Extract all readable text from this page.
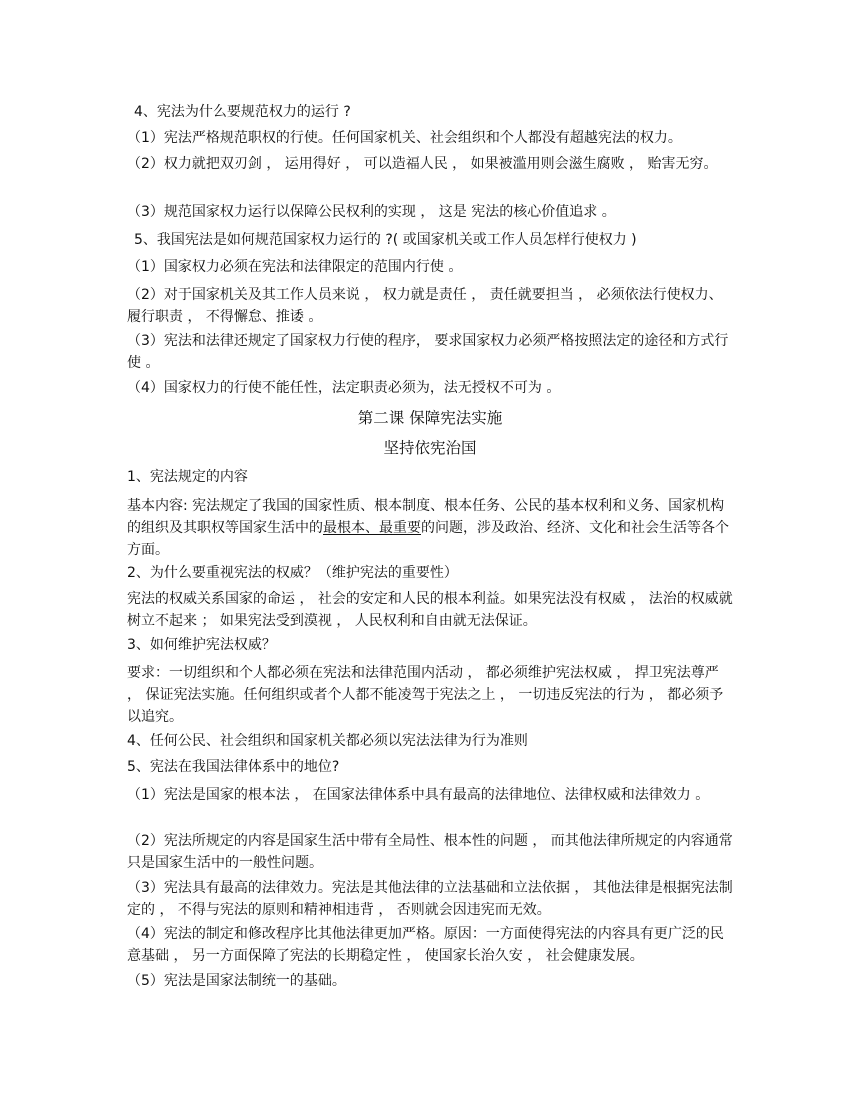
4、宪法为什么要规范权力的运行 ?

（1）宪法严格规范职权的行使。任何国家机关、社会组织和个人都没有超越宪法的权力。

（2）权力就把双刃剑 ， 运用得好 ， 可以造福人民 ， 如果被滥用则会滋生腐败 ， 贻害无穷。

（3）规范国家权力运行以保障公民权利的实现 ， 这是 宪法的核心价值追求 。

5、我国宪法是如何规范国家权力运行的 ?( 或国家机关或工作人员怎样行使权力 )

（1）国家权力必须在宪法和法律限定的范围内行使 。

（2）对于国家机关及其工作人员来说 ， 权力就是责任 ， 责任就要担当 ， 必须依法行使权力、履行职责 ， 不得懈怠、推诿 。

（3）宪法和法律还规定了国家权力行使的程序， 要求国家权力必须严格按照法定的途径和方式行使 。

（4）国家权力的行使不能任性，法定职责必须为，法无授权不可为 。

第二课 保障宪法实施
坚持依宪治国

1、宪法规定的内容

基本内容: 宪法规定了我国的国家性质、根本制度、根本任务、公民的基本权利和义务、国家机构的组织及其职权等国家生活中的最根本、最重要的问题，涉及政治、经济、文化和社会生活等各个方面。

2、为什么要重视宪法的权威？（维护宪法的重要性）

宪法的权威关系国家的命运 ， 社会的安定和人民的根本利益。如果宪法没有权威 ， 法治的权威就树立不起来 ； 如果宪法受到漠视 ， 人民权利和自由就无法保证。

3、如何维护宪法权威？

要求：一切组织和个人都必须在宪法和法律范围内活动 ， 都必须维护宪法权威 ， 捍卫宪法尊严 ， 保证宪法实施。任何组织或者个人都不能凌驾于宪法之上 ， 一切违反宪法的行为 ， 都必须予以追究。

4、任何公民、社会组织和国家机关都必须以宪法法律为行为准则

5、宪法在我国法律体系中的地位?

（1）宪法是国家的根本法 ， 在国家法律体系中具有最高的法律地位、法律权威和法律效力 。

（2）宪法所规定的内容是国家生活中带有全局性、根本性的问题 ， 而其他法律所规定的内容通常只是国家生活中的一般性问题。

（3）宪法具有最高的法律效力。宪法是其他法律的立法基础和立法依据 ， 其他法律是根据宪法制定的 ， 不得与宪法的原则和精神相违背 ， 否则就会因违宪而无效。

（4）宪法的制定和修改程序比其他法律更加严格。原因：一方面使得宪法的内容具有更广泛的民意基础 ， 另一方面保障了宪法的长期稳定性 ， 使国家长治久安 ， 社会健康发展。

（5）宪法是国家法制统一的基础。
